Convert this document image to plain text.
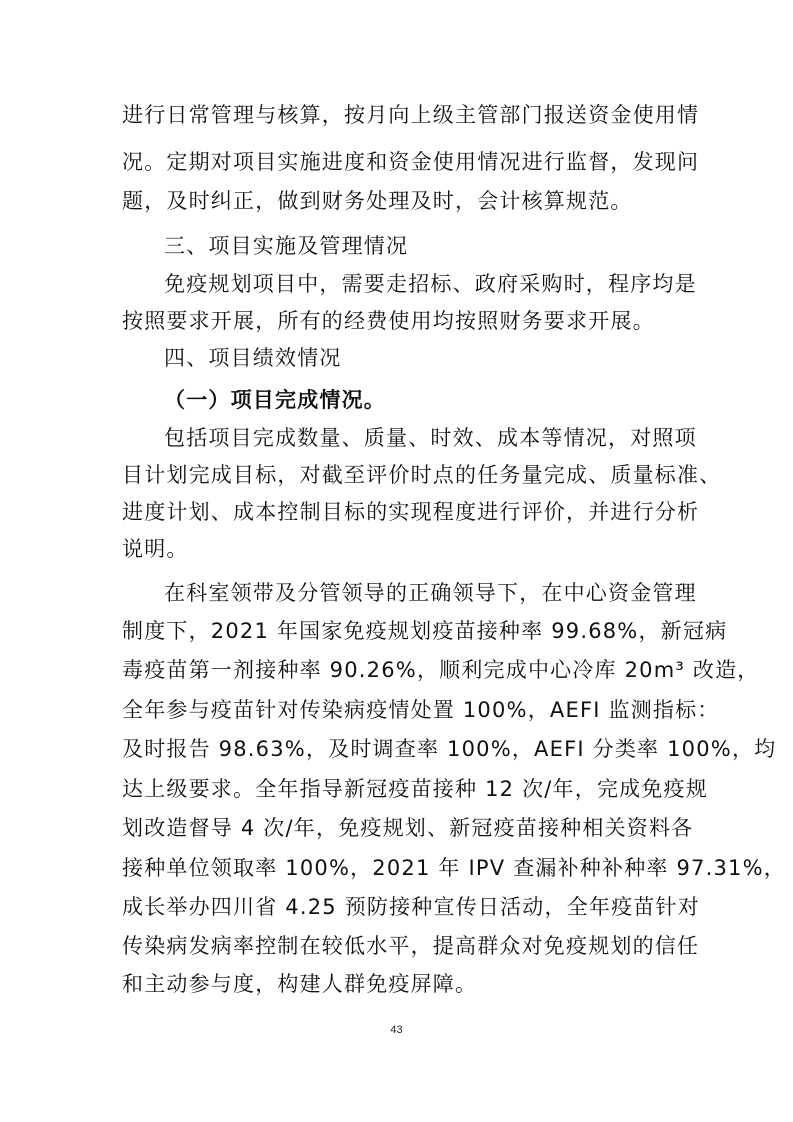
进行日常管理与核算，按月向上级主管部门报送资金使用情
况。定期对项目实施进度和资金使用情况进行监督，发现问
题，及时纠正，做到财务处理及时，会计核算规范。
三、项目实施及管理情况
免疫规划项目中，需要走招标、政府采购时，程序均是
按照要求开展，所有的经费使用均按照财务要求开展。
四、项目绩效情况
（一）项目完成情况。
包括项目完成数量、质量、时效、成本等情况，对照项
目计划完成目标，对截至评价时点的任务量完成、质量标准、
进度计划、成本控制目标的实现程度进行评价，并进行分析
说明。
在科室领带及分管领导的正确领导下，在中心资金管理
制度下，2021 年国家免疫规划疫苗接种率 99.68%，新冠病
毒疫苗第一剂接种率 90.26%，顺利完成中心冷库 20m³ 改造，
全年参与疫苗针对传染病疫情处置 100%，AEFI 监测指标：
及时报告 98.63%，及时调查率 100%，AEFI 分类率 100%，均
达上级要求。全年指导新冠疫苗接种 12 次/年，完成免疫规
划改造督导 4 次/年，免疫规划、新冠疫苗接种相关资料各
接种单位领取率 100%，2021 年 IPV 查漏补种补种率 97.31%，
成长举办四川省 4.25 预防接种宣传日活动，全年疫苗针对
传染病发病率控制在较低水平，提高群众对免疫规划的信任
和主动参与度，构建人群免疫屏障。
43
